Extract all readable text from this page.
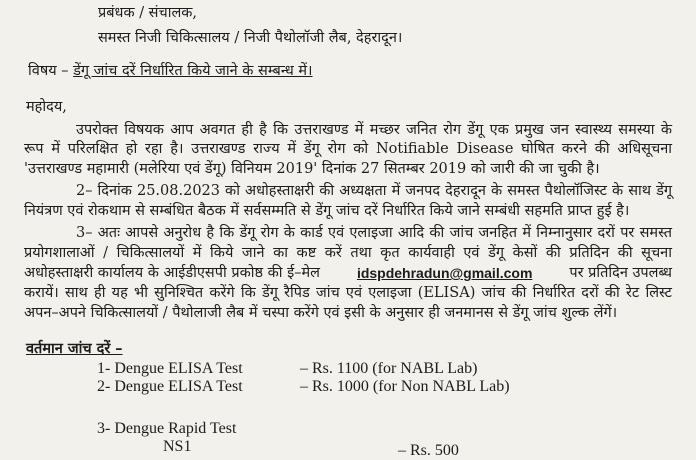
प्रबंधक / संचालक,
समस्त निजी चिकित्सालय / निजी पैथोलॉजी लैब, देहरादून।
विषय – डेंगू जांच दरें निर्धारित किये जाने के सम्बन्ध में।
महोदय,
उपरोक्त विषयक आप अवगत ही है कि उत्तराखण्ड में मच्छर जनित रोग डेंगू एक प्रमुख जन स्वास्थ्य समस्या के
रूप में परिलक्षित हो रहा है। उत्तराखण्ड राज्य में डेंगू रोग को Notifiable Disease घोषित करने की अधिसूचना
'उत्तराखण्ड महामारी (मलेरिया एवं डेंगू) विनियम 2019' दिनांक 27 सितम्बर 2019 को जारी की जा चुकी है।
2– दिनांक 25.08.2023 को अधोहस्ताक्षरी की अध्यक्षता में जनपद देहरादून के समस्त पैथोलॉजिस्ट के साथ डेंगू
नियंत्रण एवं रोकथाम से सम्बंधित बैठक में सर्वसम्मति से डेंगू जांच दरें निर्धारित किये जाने सम्बंधी सहमति प्राप्त हुई है।
3– अतः आपसे अनुरोध है कि डेंगू रोग के कार्ड एवं एलाइजा आदि की जांच जनहित में निम्नानुसार दरों पर समस्त
प्रयोगशालाओं / चिकित्सालयों में किये जाने का कष्ट करें तथा कृत कार्यवाही एवं डेंगू केसों की प्रतिदिन की सूचना
अधोहस्ताक्षरी कार्यालय के आईडीएसपी प्रकोष्ठ की ई–मेल	idspdehradun@gmail.com	पर प्रतिदिन उपलब्ध
करायें। साथ ही यह भी सुनिश्चित करेंगे कि डेंगू रैपिड जांच एवं एलाइजा (ELISA) जांच की निर्धारित दरों की रेट लिस्ट
अपन–अपने चिकित्सालयों / पैथोलाजी लैब में चस्पा करेंगे एवं इसी के अनुसार ही जनमानस से डेंगू जांच शुल्क लेंगें।
वर्तमान जांच दरें –
1- Dengue ELISA Test	– Rs. 1100 (for NABL Lab)
2- Dengue ELISA Test	– Rs. 1000 (for Non NABL Lab)
3- Dengue Rapid Test
NS1	– Rs. 500
